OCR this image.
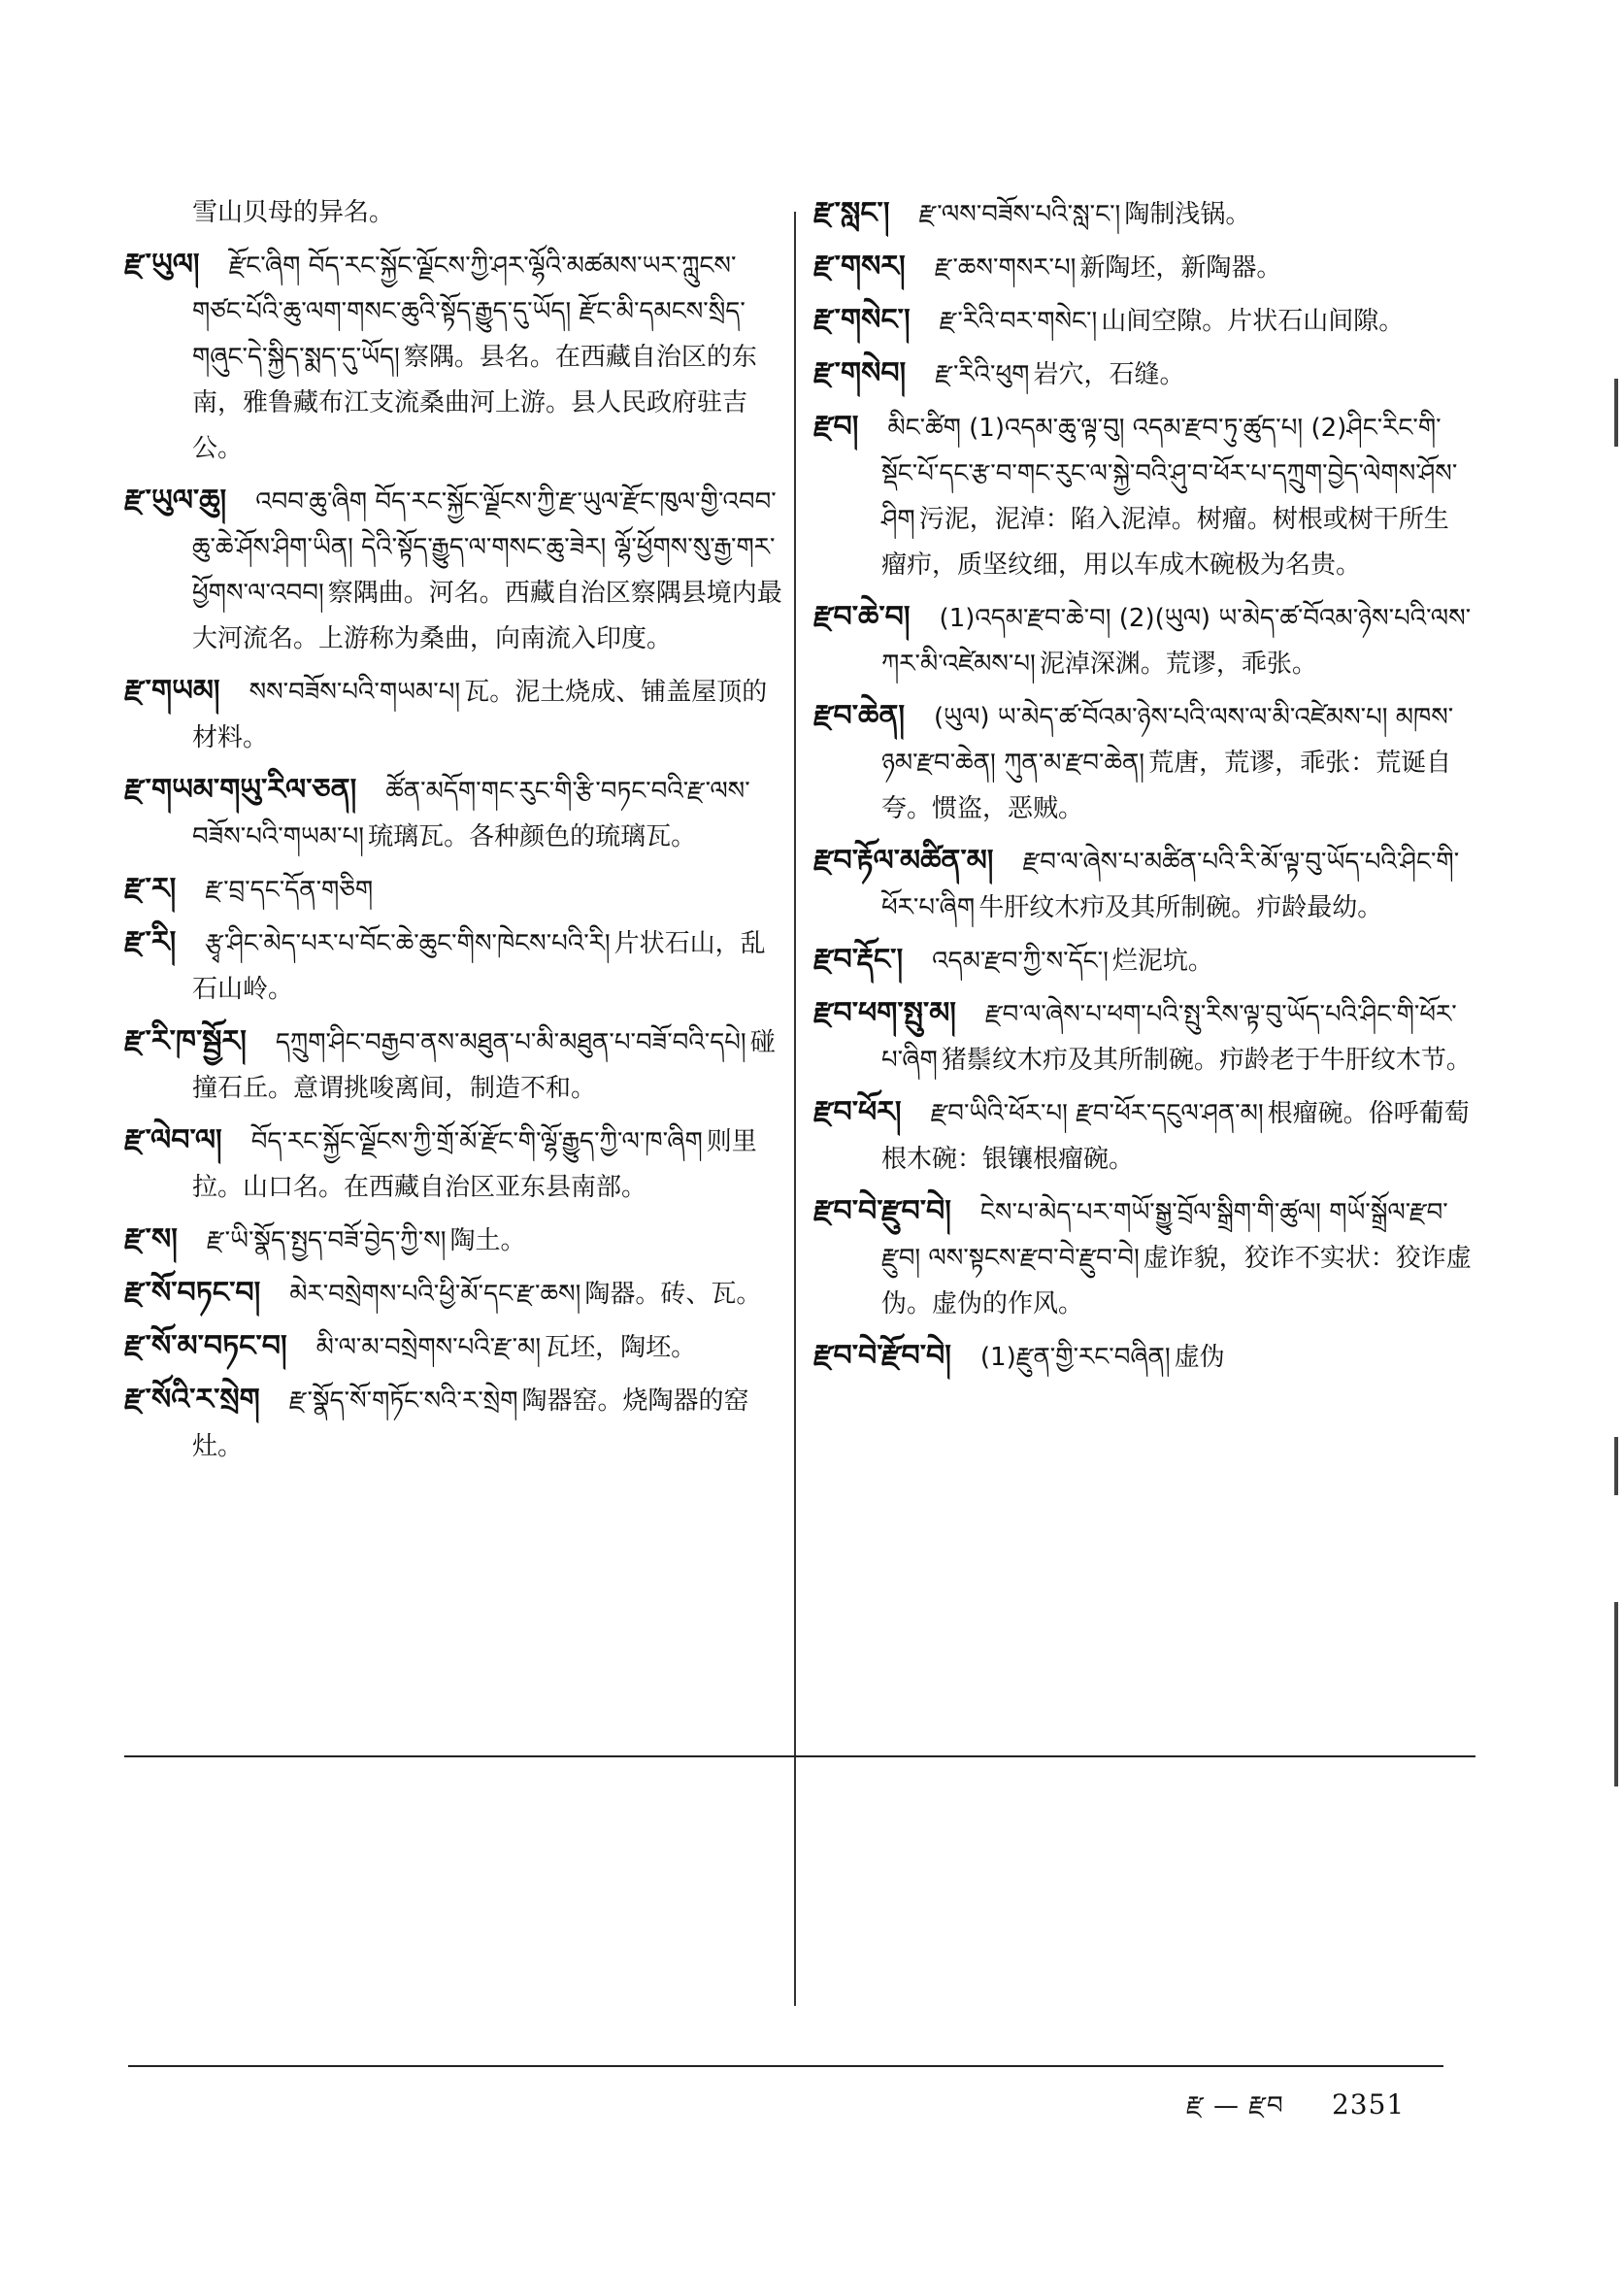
雪山贝母的异名。
རྫ་ཡུལ། རྫོང་ཞིག བོད་རང་སྐྱོང་ལྗོངས་ཀྱི་ཤར་ལྷོའི་མཚམས་ཡར་ཀླུངས་གཙང་པོའི་ཆུ་ལག་གསང་ཆུའི་སྟོད་རྒྱུད་དུ་ཡོད། རྫོང་མི་དམངས་སྲིད་གཞུང་དེ་སྐྱིད་སྨད་དུ་ཡོད། 察隅。县名。在西藏自治区的东南，雅鲁藏布江支流桑曲河上游。县人民政府驻吉公。
རྫ་ཡུལ་ཆུ། འབབ་ཆུ་ཞིག བོད་རང་སྐྱོང་ལྗོངས་ཀྱི་རྫ་ཡུལ་རྫོང་ཁུལ་གྱི་འབབ་ཆུ་ཆེ་ཤོས་ཤིག་ཡིན། དེའི་སྟོད་རྒྱུད་ལ་གསང་ཆུ་ཟེར། ལྷོ་ཕྱོགས་སུ་རྒྱ་གར་ཕྱོགས་ལ་འབབ། 察隅曲。河名。西藏自治区察隅县境内最大河流名。上游称为桑曲，向南流入印度。
རྫ་གཡམ། སས་བཟོས་པའི་གཡམ་པ། 瓦。泥土烧成、铺盖屋顶的材料。
རྫ་གཡམ་གཡུ་རིལ་ཅན། ཚོན་མདོག་གང་རུང་གི་རྩི་བཏང་བའི་རྫ་ལས་བཟོས་པའི་གཡམ་པ། 琉璃瓦。各种颜色的琉璃瓦。
རྫ་ར། རྫ་བྲ་དང་དོན་གཅིག
རྫ་རི། རྩྭ་ཤིང་མེད་པར་པ་བོང་ཆེ་ཆུང་གིས་ཁེངས་པའི་རི། 片状石山，乱石山岭。
རྫ་རི་ཁ་སྦྱོར། དཀྲུག་ཤིང་བརྒྱབ་ནས་མཐུན་པ་མི་མཐུན་པ་བཟོ་བའི་དཔེ། 碰撞石丘。意谓挑唆离间，制造不和。
རྫ་ལེབ་ལ། བོད་རང་སྐྱོང་ལྗོངས་ཀྱི་གྲོ་མོ་རྫོང་གི་ལྷོ་རྒྱུད་ཀྱི་ལ་ཁ་ཞིག 则里拉。山口名。在西藏自治区亚东县南部。
རྫ་ས། རྫ་ཡི་སྣོད་སྤྱད་བཟོ་བྱེད་ཀྱི་ས། 陶土。
རྫ་སོ་བཏང་བ། མེར་བསྲེགས་པའི་ཕྱི་མོ་དང་རྫ་ཆས། 陶器。砖、瓦。
རྫ་སོ་མ་བཏང་བ། མི་ལ་མ་བསྲེགས་པའི་རྫ་མ། 瓦坯，陶坯。
རྫ་སོའི་ར་སྲེག རྫ་སྣོད་སོ་གཏོང་སའི་ར་སྲེག 陶器窑。烧陶器的窑灶。
རྫ་སླང་། རྫ་ལས་བཟོས་པའི་སླ་ང་། 陶制浅锅。
རྫ་གསར། རྫ་ཆས་གསར་པ། 新陶坯，新陶器。
རྫ་གསེང་། རྫ་རིའི་བར་གསེང་། 山间空隙。片状石山间隙。
རྫ་གསེབ། རྫ་རིའི་ཕུག 岩穴，石缝。
རྫབ། མིང་ཚིག (1)འདམ་ཆུ་ལྟ་བུ། འདམ་རྫབ་ཏུ་ཚུད་པ། (2)ཤིང་རིང་གི་སྡོང་པོ་དང་རྩ་བ་གང་རུང་ལ་སྐྱེ་བའི་ཤུ་བ་ཕོར་པ་དཀྲུག་བྱེད་ལེགས་ཤོས་ཤིག 污泥，泥淖：陷入泥淖。树瘤。树根或树干所生瘤疖，质坚纹细，用以车成木碗极为名贵。
རྫབ་ཆེ་བ། (1)འདམ་རྫབ་ཆེ་བ། (2)(ཡུལ) ཡ་མེད་ཚ་བོའམ་ཉེས་པའི་ལས་ཀར་མི་འཛེམས་པ། 泥淖深渊。荒谬，乖张。
རྫབ་ཆེན། (ཡུལ) ཡ་མེད་ཚ་བོའམ་ཉེས་པའི་ལས་ལ་མི་འཛེམས་པ། མཁས་ཉམ་རྫབ་ཆེན། ཀུན་མ་རྫབ་ཆེན། 荒唐，荒谬，乖张：荒诞自夸。惯盗，恶贼。
རྫབ་རྟོལ་མཚིན་མ། རྫབ་ལ་ཞེས་པ་མཚིན་པའི་རི་མོ་ལྟ་བུ་ཡོད་པའི་ཤིང་གི་ཕོར་པ་ཞིག 牛肝纹木疖及其所制碗。疖龄最幼。
རྫབ་རྡོང་། འདམ་རྫབ་ཀྱི་ས་དོང་། 烂泥坑。
རྫབ་ཕག་སྤུ་མ། རྫབ་ལ་ཞེས་པ་ཕག་པའི་སྤུ་རིས་ལྟ་བུ་ཡོད་པའི་ཤིང་གི་ཕོར་པ་ཞིག 猪鬃纹木疖及其所制碗。疖龄老于牛肝纹木节。
རྫབ་ཕོར། རྫབ་ཡིའི་ཕོར་པ། རྫབ་ཕོར་དངུལ་ཤན་མ། 根瘤碗。俗呼葡萄根木碗：银镶根瘤碗。
རྫབ་བེ་རྫུབ་བེ། ངེས་པ་མེད་པར་གཡོ་སྒྱུ་བྲོལ་སྒྲིག་གི་ཚུལ། གཡོ་སྒྲོལ་རྫབ་རྫུབ། ལས་སྟངས་རྫབ་བེ་རྫུབ་བེ། 虚诈貌，狡诈不实状：狡诈虚伪。虚伪的作风。
རྫབ་བེ་རྫོབ་བེ། (1)རྫུན་གྱི་རང་བཞིན། 虚伪
རྫ — རྫབ 2351
